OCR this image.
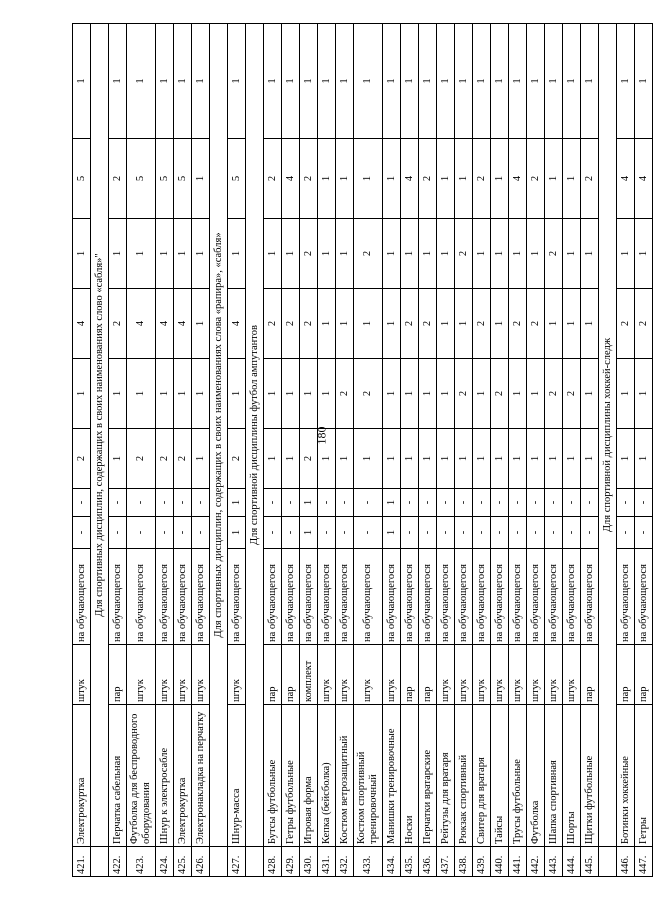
180
421.	Электрокуртка	штук	на обучающегося	-	-	2	1	4	1	5	1
	Для спортивных дисциплин, содержащих в своих наименованиях слово «сабля»"										
422.	Перчатка сабельная	пар	на обучающегося	-	-	1	1	2	1	2	1
423.	Футболка для беспроводного оборудования	штук	на обучающегося	-	-	2	1	4	1	5	1
424.	Шнур к электросабле	штук	на обучающегося	-	-	2	1	4	1	5	1
425.	Электрокуртка	штук	на обучающегося	-	-	2	1	4	1	5	1
426.	Электронакладка на перчатку	штук	на обучающегося	-	-	1	1	1	1	1	1
	Для спортивных дисциплин, содержащих в своих наименованиях слова «рапира», «сабля»										
427.	Шнур-масса	штук	на обучающегося	1	1	2	1	4	1	5	1
	Для спортивной дисциплины футбол ампутантов										
428.	Бутсы футбольные	пар	на обучающегося	-	-	1	1	2	1	2	1
429.	Гетры футбольные	пар	на обучающегося	-	-	1	1	2	1	4	1
430.	Игровая форма	комплект	на обучающегося	1	1	2	1	2	2	2	1
431.	Кепка (бейсболка)	штук	на обучающегося	-	-	1	1	1	1	1	1
432.	Костюм ветрозащитный	штук	на обучающегося	-	-	1	2	1	1	1	1
433.	Костюм спортивный тренировочный	штук	на обучающегося	-	-	1	2	1	2	1	1
434.	Манишки тренировочные	штук	на обучающегося	1	1	1	1	1	1	1	1
435.	Носки	пар	на обучающегося	-	-	1	1	2	1	4	1
436.	Перчатки вратарские	пар	на обучающегося	-	-	1	1	2	1	2	1
437.	Рейтузы для вратаря	штук	на обучающегося	-	-	1	1	1	1	1	1
438.	Рюкзак спортивный	штук	на обучающегося	-	-	1	2	1	2	1	1
439.	Свитер для вратаря	штук	на обучающегося	-	-	1	1	2	1	2	1
440.	Тайсы	штук	на обучающегося	-	-	1	2	1	1	1	1
441.	Трусы футбольные	штук	на обучающегося	-	-	1	1	2	1	4	1
442.	Футболка	штук	на обучающегося	-	-	1	1	2	1	2	1
443.	Шапка спортивная	штук	на обучающегося	-	-	1	2	1	2	1	1
444.	Шорты	штук	на обучающегося	-	-	1	2	1	1	1	1
445.	Щитки футбольные	пар	на обучающегося	-	-	1	1	1	1	2	1
	Для спортивной дисциплины хоккей-следж										
446.	Ботинки хоккейные	пар	на обучающегося	-	-	1	1	2	1	4	1
447.	Гетры	пар	на обучающегося	-	-	1	1	2	1	4	1
